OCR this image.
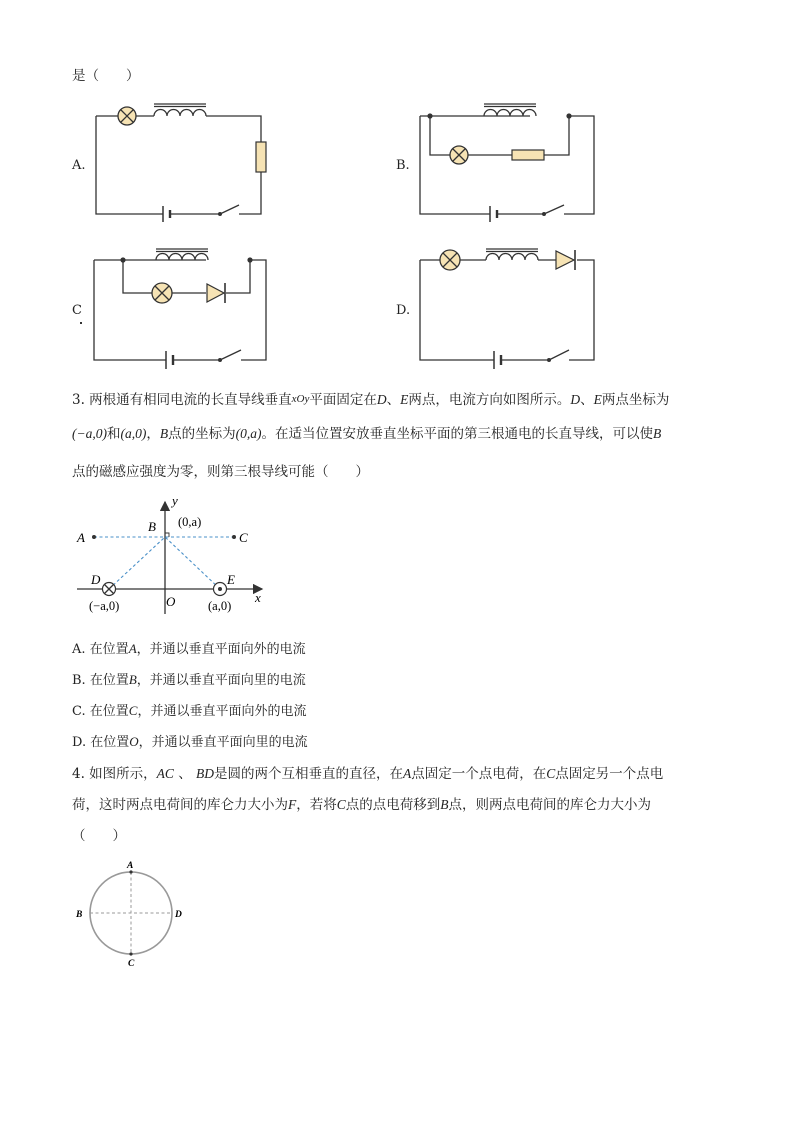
是（　　）
A.	B.
C	D.
3. 两根通有相同电流的长直导线垂直xOy平面固定在D、E两点，电流方向如图所示。D、E两点坐标为
(−a,0)和(a,0)，B点的坐标为(0,a)。在适当位置安放垂直坐标平面的第三根通电的长直导线，可以使B
点的磁感应强度为零，则第三根导线可能（　　）
y
x
O
A
B
C
D	E
(0,a)
(−a,0)	(a,0)
A. 在位置A，并通以垂直平面向外的电流
B. 在位置B，并通以垂直平面向里的电流
C. 在位置C，并通以垂直平面向外的电流
D. 在位置O，并通以垂直平面向里的电流
4. 如图所示，AC 、 BD是圆的两个互相垂直的直径，在A点固定一个点电荷，在C点固定另一个点电
荷，这时两点电荷间的库仑力大小为F，若将C点的点电荷移到B点，则两点电荷间的库仑力大小为
（　　）
A
B
C
D
